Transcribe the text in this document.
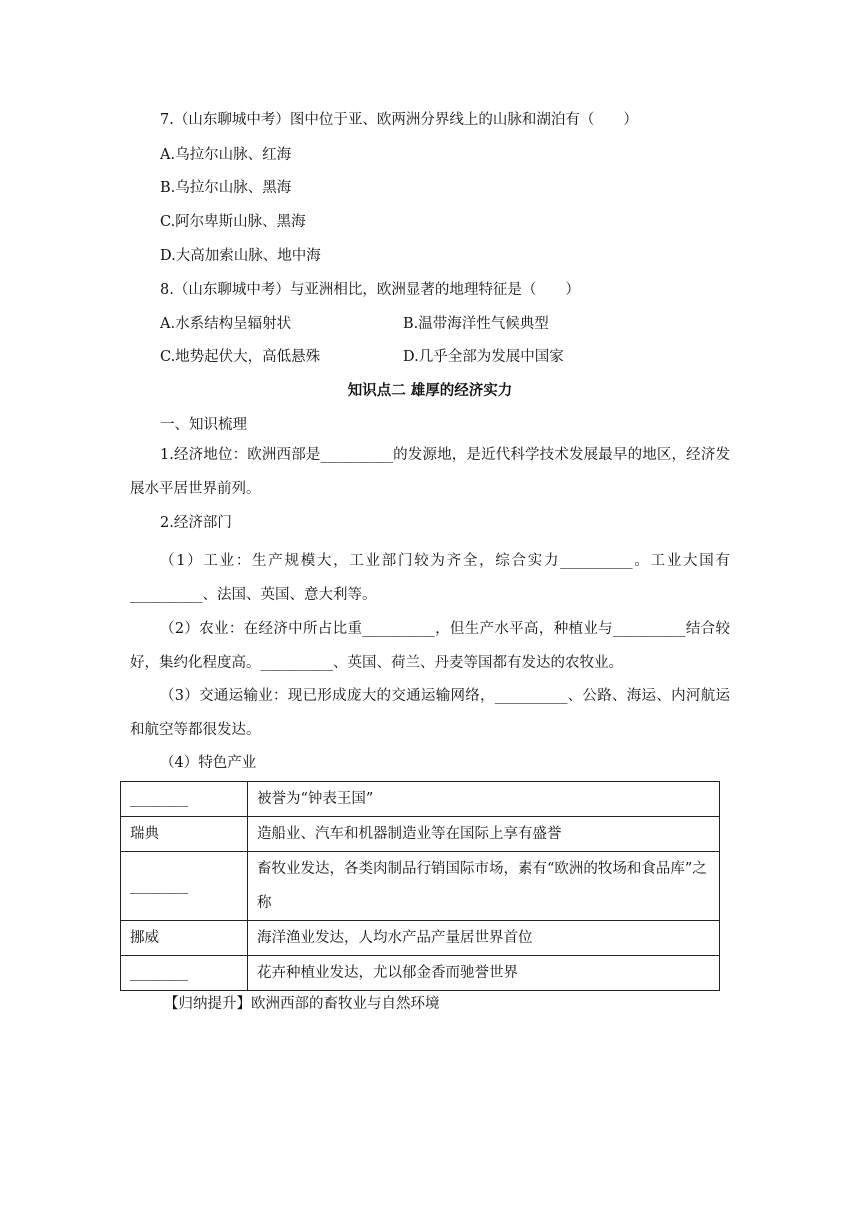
7.（山东聊城中考）图中位于亚、欧两洲分界线上的山脉和湖泊有（　　）
A.乌拉尔山脉、红海
B.乌拉尔山脉、黑海
C.阿尔卑斯山脉、黑海
D.大高加索山脉、地中海
8.（山东聊城中考）与亚洲相比，欧洲显著的地理特征是（　　）
A.水系结构呈辐射状	B.温带海洋性气候典型
C.地势起伏大，高低悬殊	D.几乎全部为发展中国家
知识点二 雄厚的经济实力
一、知识梳理
1.经济地位：欧洲西部是__________的发源地，是近代科学技术发展最早的地区，经济发展水平居世界前列。
2.经济部门
（1）工业：生产规模大，工业部门较为齐全，综合实力__________。工业大国有__________、法国、英国、意大利等。
（2）农业：在经济中所占比重__________，但生产水平高，种植业与__________结合较好，集约化程度高。__________、英国、荷兰、丹麦等国都有发达的农牧业。
（3）交通运输业：现已形成庞大的交通运输网络，__________、公路、海运、内河航运和航空等都很发达。
（4）特色产业
________	被誉为“钟表王国”
瑞典	造船业、汽车和机器制造业等在国际上享有盛誉
________	畜牧业发达，各类肉制品行销国际市场，素有“欧洲的牧场和食品库”之称
挪威	海洋渔业发达，人均水产品产量居世界首位
________	花卉种植业发达，尤以郁金香而驰誉世界
【归纳提升】欧洲西部的畜牧业与自然环境
